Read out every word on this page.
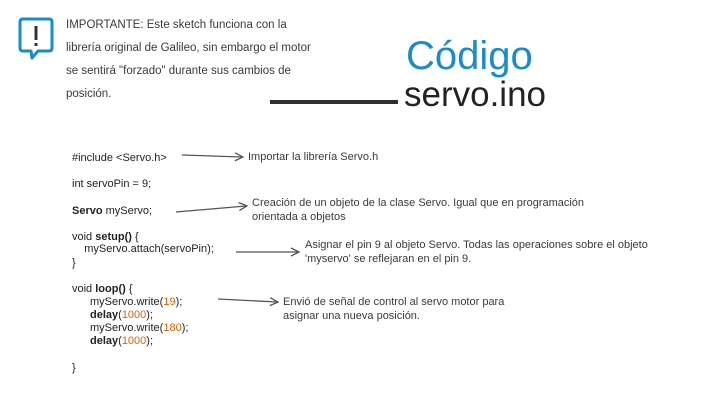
IMPORTANTE: Este sketch funciona con la
librería original de Galileo, sin embargo el motor
se sentirá "forzado" durante sus cambios de
posición.
Código
servo.ino
#include <Servo.h>
int servoPin = 9;
Servo myServo;
void setup() {
myServo.attach(servoPin);
}
void loop() {
myServo.write(19);
delay(1000);
myServo.write(180);
delay(1000);
}
Importar la librería Servo.h
Creación de un objeto de la clase Servo. Igual que en programación
orientada a objetos
Asignar el pin 9 al objeto Servo. Todas las operaciones sobre el objeto
'myservo' se reflejaran en el pin 9.
Envió de señal de control al servo motor para
asignar una nueva posición.
